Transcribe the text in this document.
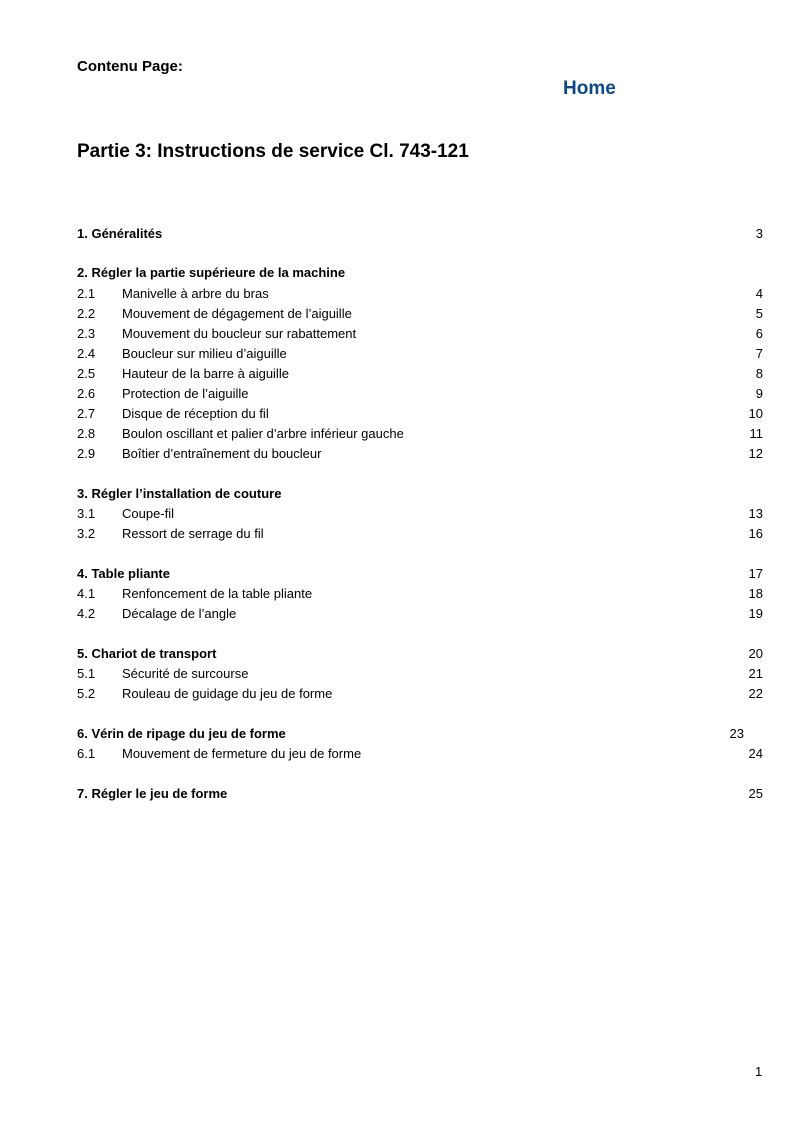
Contenu Page:
Home
Partie 3: Instructions de service Cl. 743-121
1. Généralités	3
2. Régler la partie supérieure de la machine
2.1	Manivelle à arbre du bras	4
2.2	Mouvement de dégagement de l’aiguille	5
2.3	Mouvement du boucleur sur rabattement	6
2.4	Boucleur sur milieu d’aiguille	7
2.5	Hauteur de la barre à aiguille	8
2.6	Protection de l’aiguille	9
2.7	Disque de réception du fil	10
2.8	Boulon oscillant et palier d’arbre inférieur gauche	11
2.9	Boîtier d’entraînement du boucleur	12
3. Régler l’installation de couture
3.1	Coupe-fil	13
3.2	Ressort de serrage du fil	16
4. Table pliante	17
4.1	Renfoncement de la table pliante	18
4.2	Décalage de l’angle	19
5. Chariot de transport	20
5.1	Sécurité de surcourse	21
5.2	Rouleau de guidage du jeu de forme	22
6. Vérin de ripage du jeu de forme	23
6.1	Mouvement de fermeture du jeu de forme	24
7. Régler le jeu de forme	25
1
